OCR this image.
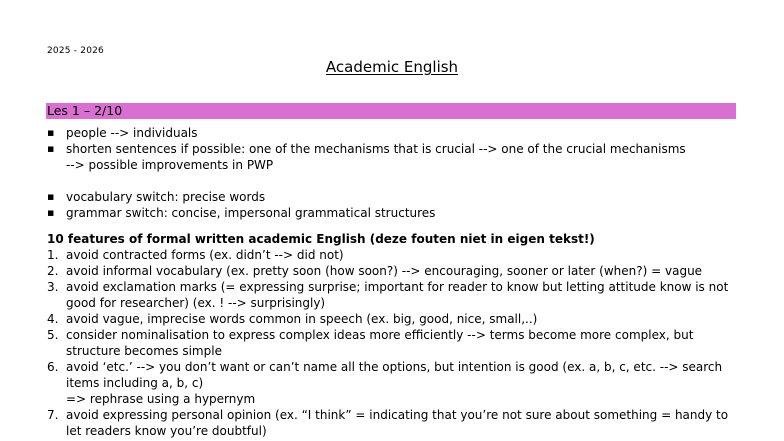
2025 - 2026
Academic English
Les 1 – 2/10
▪ people --> individuals
▪ shorten sentences if possible: one of the mechanisms that is crucial --> one of the crucial mechanisms
--> possible improvements in PWP
▪ vocabulary switch: precise words
▪ grammar switch: concise, impersonal grammatical structures
10 features of formal written academic English (deze fouten niet in eigen tekst!)
1. avoid contracted forms (ex. didn’t --> did not)
2. avoid informal vocabulary (ex. pretty soon (how soon?) --> encouraging, sooner or later (when?) = vague
3. avoid exclamation marks (= expressing surprise; important for reader to know but letting attitude know is not
good for researcher) (ex. ! --> surprisingly)
4. avoid vague, imprecise words common in speech (ex. big, good, nice, small,..)
5. consider nominalisation to express complex ideas more efficiently --> terms become more complex, but
structure becomes simple
6. avoid ‘etc.’ --> you don’t want or can’t name all the options, but intention is good (ex. a, b, c, etc. --> search
items including a, b, c)
=> rephrase using a hypernym
7. avoid expressing personal opinion (ex. “I think” = indicating that you’re not sure about something = handy to
let readers know you’re doubtful)
